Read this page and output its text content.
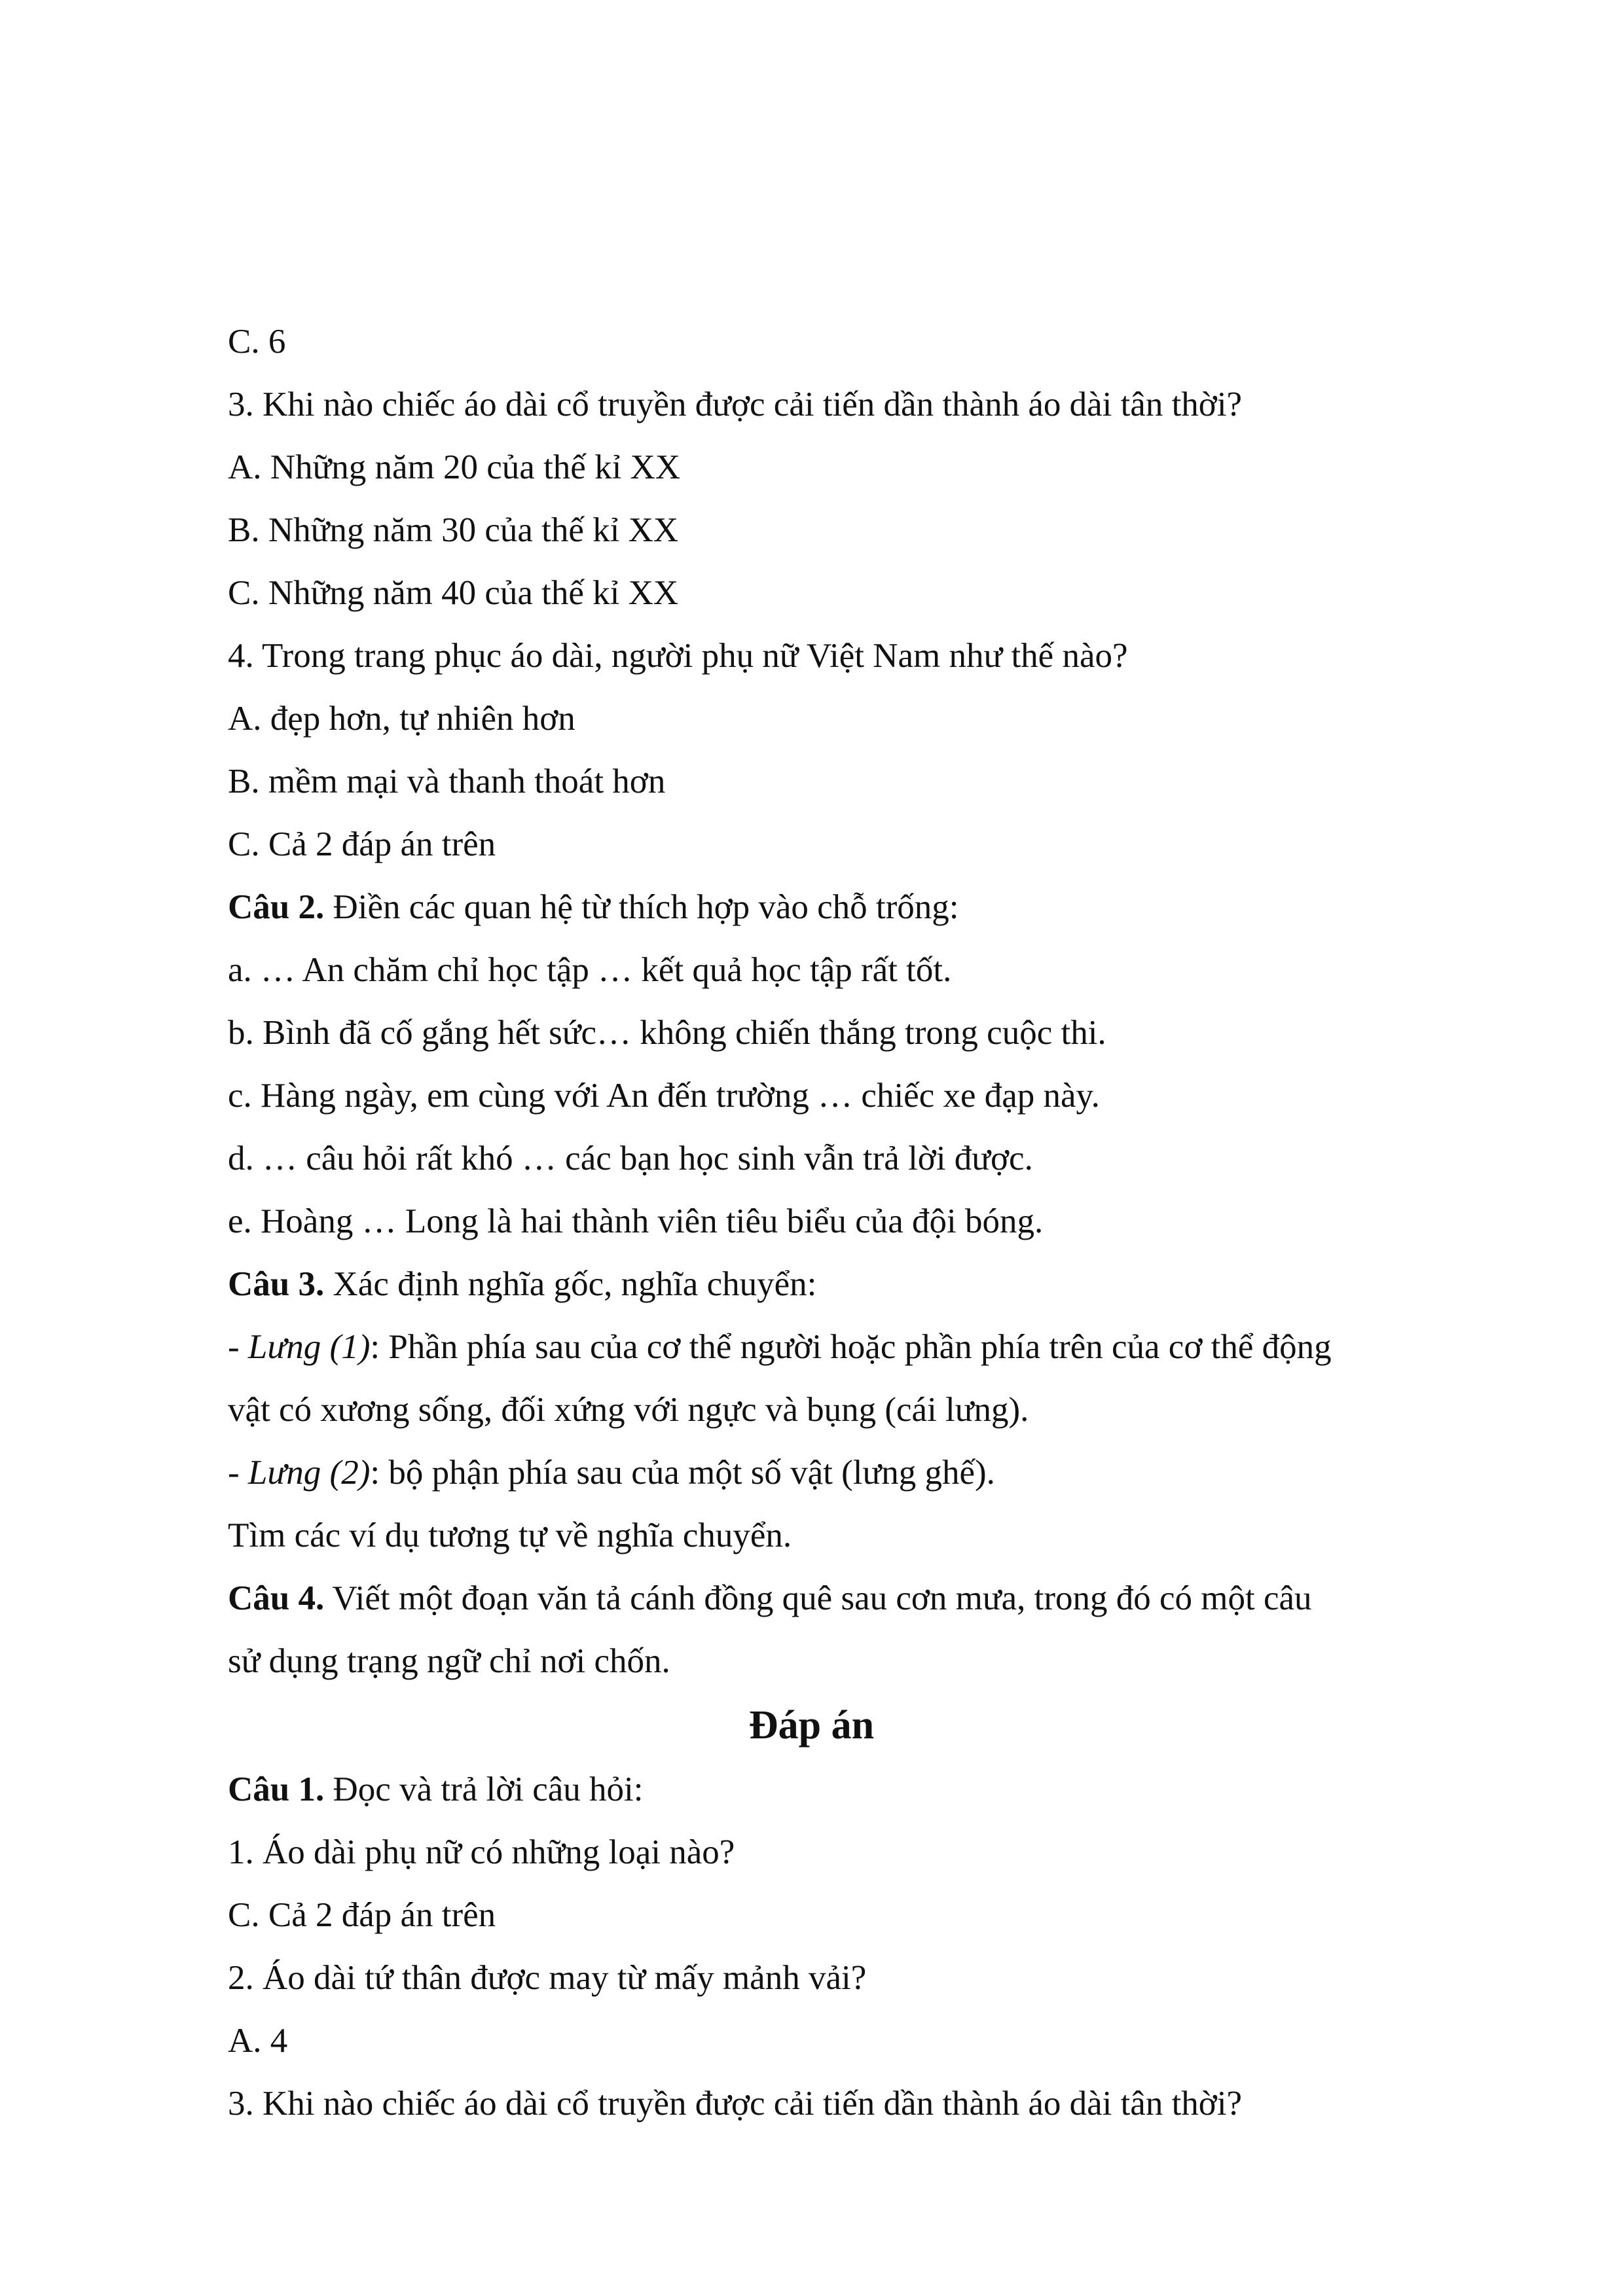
C. 6
3. Khi nào chiếc áo dài cổ truyền được cải tiến dần thành áo dài tân thời?
A. Những năm 20 của thế kỉ XX
B. Những năm 30 của thế kỉ XX
C. Những năm 40 của thế kỉ XX
4. Trong trang phục áo dài, người phụ nữ Việt Nam như thế nào?
A. đẹp hơn, tự nhiên hơn
B. mềm mại và thanh thoát hơn
C. Cả 2 đáp án trên
Câu 2. Điền các quan hệ từ thích hợp vào chỗ trống:
a. … An chăm chỉ học tập … kết quả học tập rất tốt.
b. Bình đã cố gắng hết sức… không chiến thắng trong cuộc thi.
c. Hàng ngày, em cùng với An đến trường … chiếc xe đạp này.
d. … câu hỏi rất khó … các bạn học sinh vẫn trả lời được.
e. Hoàng … Long là hai thành viên tiêu biểu của đội bóng.
Câu 3. Xác định nghĩa gốc, nghĩa chuyển:
- Lưng (1): Phần phía sau của cơ thể người hoặc phần phía trên của cơ thể động
vật có xương sống, đối xứng với ngực và bụng (cái lưng).
- Lưng (2): bộ phận phía sau của một số vật (lưng ghế).
Tìm các ví dụ tương tự về nghĩa chuyển.
Câu 4. Viết một đoạn văn tả cánh đồng quê sau cơn mưa, trong đó có một câu
sử dụng trạng ngữ chỉ nơi chốn.
Đáp án
Câu 1. Đọc và trả lời câu hỏi:
1. Áo dài phụ nữ có những loại nào?
C. Cả 2 đáp án trên
2. Áo dài tứ thân được may từ mấy mảnh vải?
A. 4
3. Khi nào chiếc áo dài cổ truyền được cải tiến dần thành áo dài tân thời?
